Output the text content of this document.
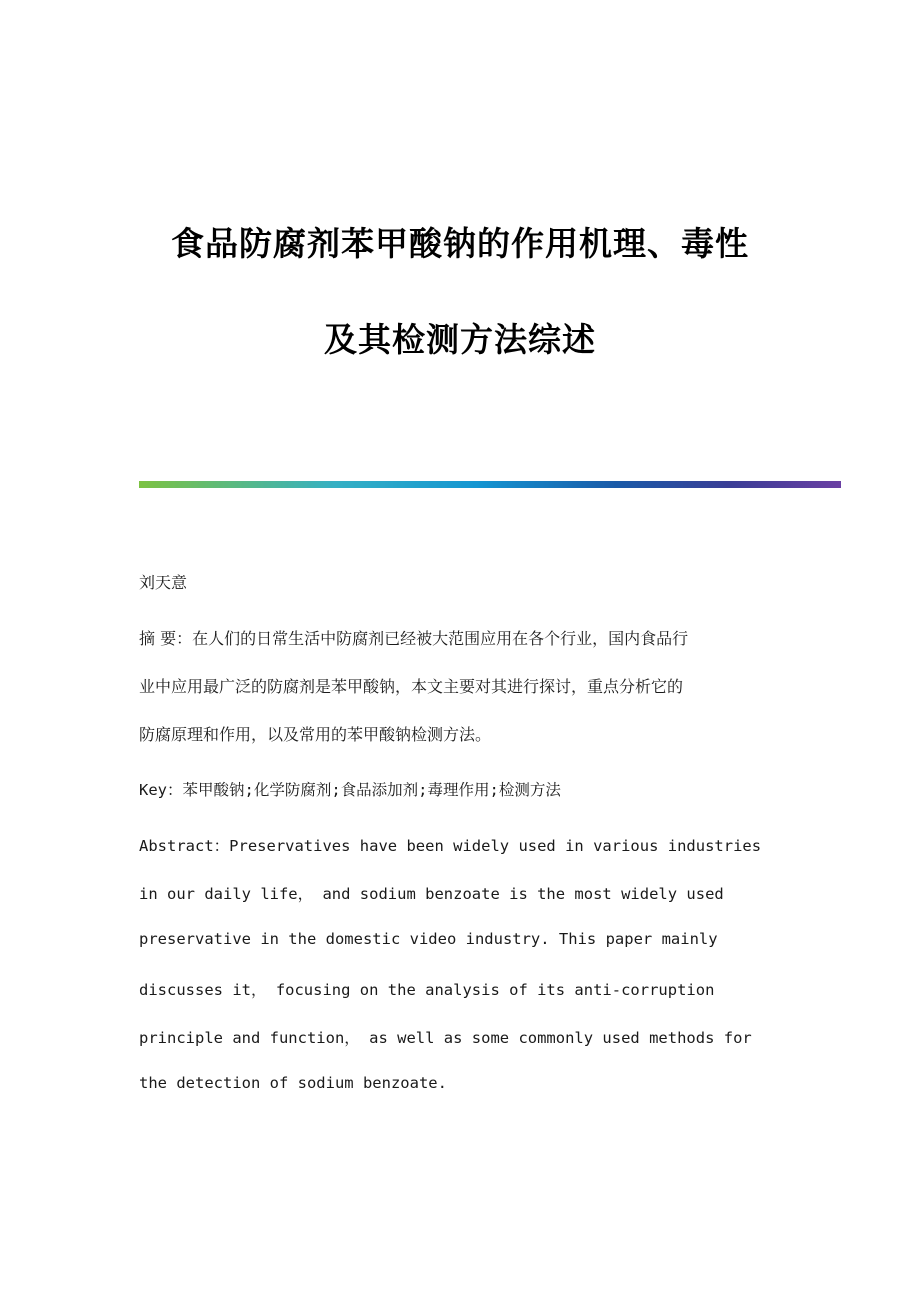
食品防腐剂苯甲酸钠的作用机理、毒性
及其检测方法综述
刘天意
摘 要：在人们的日常生活中防腐剂已经被大范围应用在各个行业，国内食品行
业中应用最广泛的防腐剂是苯甲酸钠，本文主要对其进行探讨，重点分析它的
防腐原理和作用，以及常用的苯甲酸钠检测方法。
Key：苯甲酸钠;化学防腐剂;食品添加剂;毒理作用;检测方法
Abstract：Preservatives have been widely used in various industries
in our daily life， and sodium benzoate is the most widely used
preservative in the domestic video industry. This paper mainly
discusses it， focusing on the analysis of its anti-corruption
principle and function， as well as some commonly used methods for
the detection of sodium benzoate.
